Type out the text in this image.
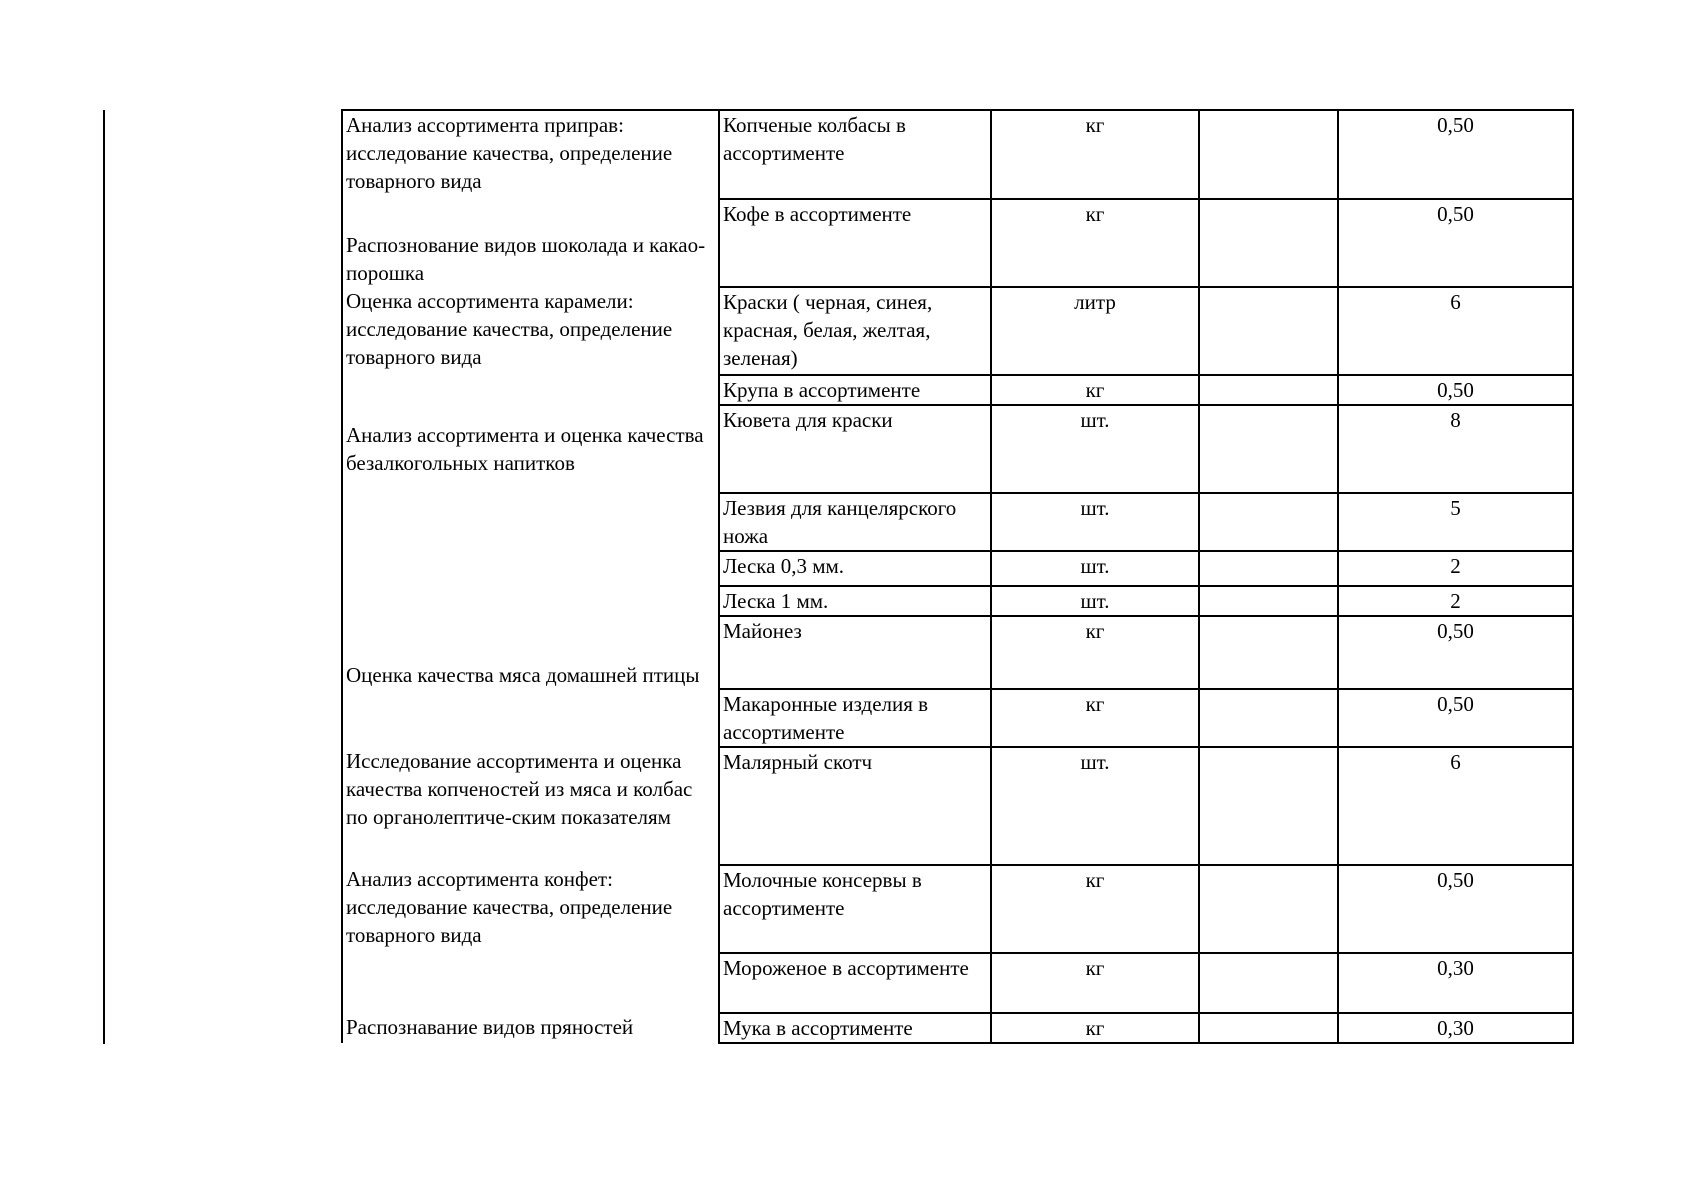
Анализ ассортимента приправ: исследование качества, определение товарного вида	Копченые колбасы в ассортименте	кг		0,50
Распознование видов шоколада и какао-порошка	Кофе в ассортименте	кг		0,50
Оценка ассортимента карамели: исследование качества, определение товарного вида	Краски ( черная, синея, красная, белая, желтая, зеленая)	литр		6
	Крупа в ассортименте	кг		0,50
Анализ ассортимента и оценка качества безалкогольных напитков	Кювета для краски	шт.		8
	Лезвия для канцелярского ножа	шт.		5
	Леска 0,3 мм.	шт.		2
	Леска 1 мм.	шт.		2
Оценка качества мяса домашней птицы	Майонез	кг		0,50
	Макаронные изделия в ассортименте	кг		0,50
Исследование ассортимента и оценка качества копченостей из мяса и колбас по органолептиче-ским показателям	Малярный скотч	шт.		6
Анализ ассортимента конфет: исследование качества, определение товарного вида	Молочные консервы в ассортименте	кг		0,50
	Мороженое в ассортименте	кг		0,30
Распознавание видов пряностей	Мука в ассортименте	кг		0,30
